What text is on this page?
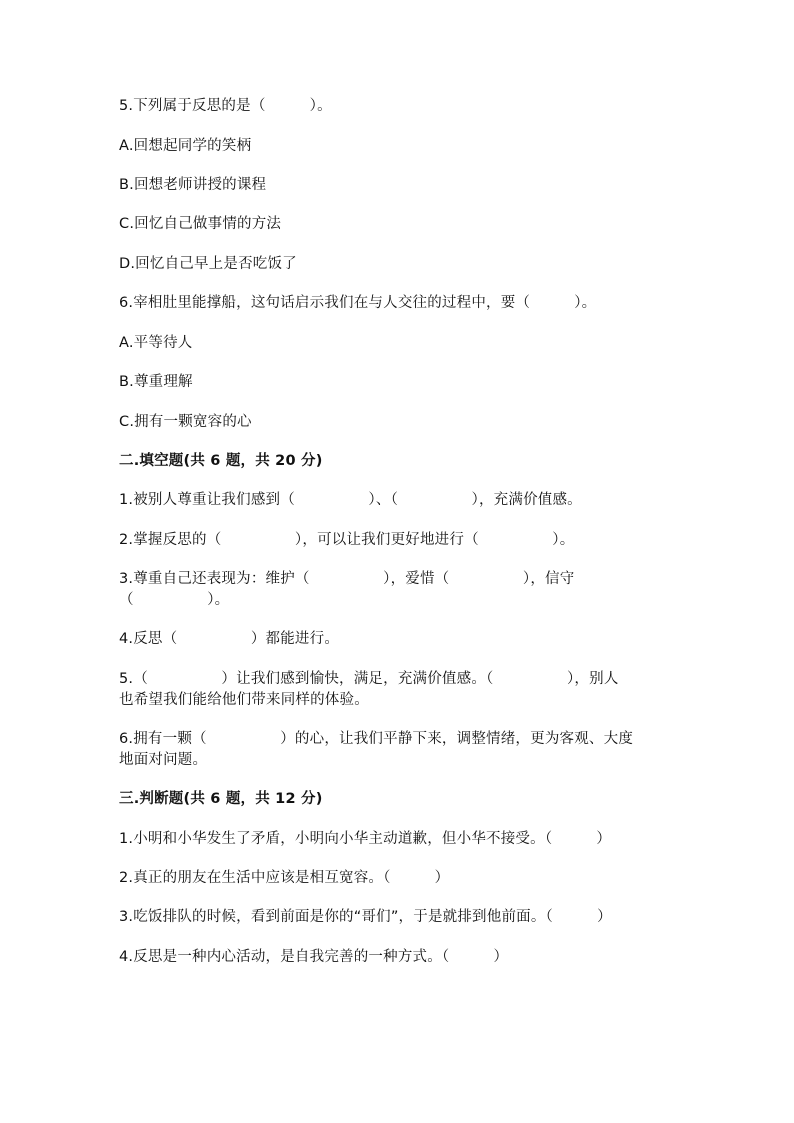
5.下列属于反思的是（　　　）。
A.回想起同学的笑柄
B.回想老师讲授的课程
C.回忆自己做事情的方法
D.回忆自己早上是否吃饭了
6.宰相肚里能撑船，这句话启示我们在与人交往的过程中，要（　　　）。
A.平等待人
B.尊重理解
C.拥有一颗宽容的心
二.填空题(共 6 题，共 20 分)
1.被别人尊重让我们感到（　　　　　）、（　　　　　），充满价值感。
2.掌握反思的（　　　　　），可以让我们更好地进行（　　　　　）。
3.尊重自己还表现为：维护（　　　　　），爱惜（　　　　　），信守
（　　　　　）。
4.反思（　　　　　）都能进行。
5.（　　　　　）让我们感到愉快，满足，充满价值感。（　　　　　），别人
也希望我们能给他们带来同样的体验。
6.拥有一颗（　　　　　）的心，让我们平静下来，调整情绪，更为客观、大度
地面对问题。
三.判断题(共 6 题，共 12 分)
1.小明和小华发生了矛盾，小明向小华主动道歉，但小华不接受。（　　　）
2.真正的朋友在生活中应该是相互宽容。（　　　）
3.吃饭排队的时候，看到前面是你的“哥们”，于是就排到他前面。（　　　）
4.反思是一种内心活动，是自我完善的一种方式。（　　　）
